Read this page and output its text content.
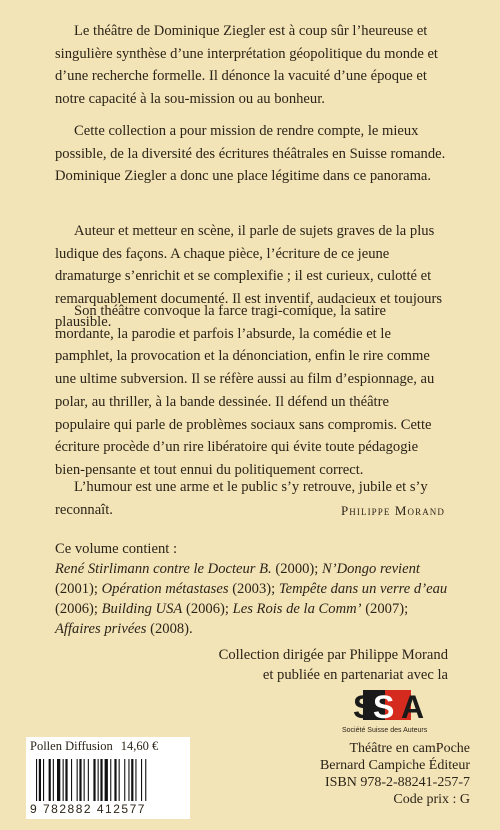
Le théâtre de Dominique Ziegler est à coup sûr l’heureuse et singulière synthèse d’une interprétation géopolitique du monde et d’une recherche formelle. Il dénonce la vacuité d’une époque et notre capacité à la sou-mission ou au bonheur.

Cette collection a pour mission de rendre compte, le mieux possible, de la diversité des écritures théâtrales en Suisse romande. Dominique Ziegler a donc une place légitime dans ce panorama.

Auteur et metteur en scène, il parle de sujets graves de la plus ludique des façons. A chaque pièce, l’écriture de ce jeune dramaturge s’enrichit et se complexifie ; il est curieux, culotté et remarquablement documenté. Il est inventif, audacieux et toujours plausible.

Son théâtre convoque la farce tragi-comique, la satire mordante, la parodie et parfois l’absurde, la comédie et le pamphlet, la provocation et la dénonciation, enfin le rire comme une ultime subversion. Il se réfère aussi au film d’espionnage, au polar, au thriller, à la bande dessinée. Il défend un théâtre populaire qui parle de problèmes sociaux sans compromis. Cette écriture procède d’un rire libératoire qui évite toute pédagogie bien-pensante et tout ennui du politiquement correct.

L’humour est une arme et le public s’y retrouve, jubile et s’y reconnaît.	Philippe Morand
Ce volume contient :
René Stirlimann contre le Docteur B. (2000); N’Dongo revient (2001); Opération métastases (2003); Tempête dans un verre d’eau (2006); Building USA (2006); Les Rois de la Comm’ (2007); Affaires privées (2008).
Collection dirigée par Philippe Morand
et publiée en partenariat avec la
S S A
Société Suisse des Auteurs
Pollen Diffusion 14,60 €
9 782882 412577
Théâtre en camPoche
Bernard Campiche Éditeur
ISBN 978-2-88241-257-7
Code prix : G
